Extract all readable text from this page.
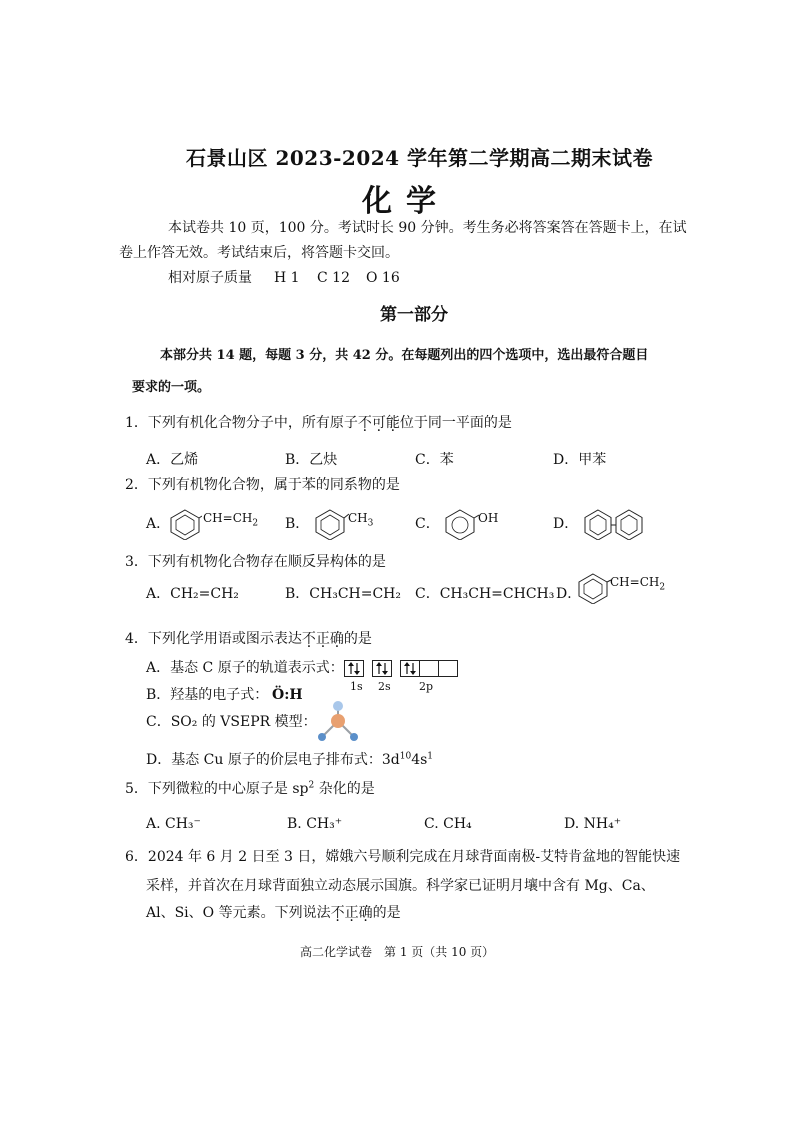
石景山区 2023-2024 学年第二学期高二期末试卷
化学
本试卷共 10 页，100 分。考试时长 90 分钟。考生务必将答案答在答题卡上，在试
卷上作答无效。考试结束后，将答题卡交回。
相对原子质量 H 1 C 12 O 16
第一部分
本部分共 14 题，每题 3 分，共 42 分。在每题列出的四个选项中，选出最符合题目
要求的一项。
1．下列有机化合物分子中，所有原子不可能位于同一平面的是
A．乙烯	B．乙炔	C．苯	D．甲苯
2．下列有机物化合物，属于苯的同系物的是
A．	$CH=CH_2$ B．	$CH_3$	C．	OH	D．
3．下列有机物化合物存在顺反异构体的是
A．CH₂=CH₂	B．CH₃CH=CH₂ C．CH₃CH=CHCH₃ D．
$CH=CH_2$
4．下列化学用语或图示表达不正确的是
A．基态 C 原子的轨道表示式：
1s 2s	2p
B．羟基的电子式： Ö:H
C．SO₂ 的 VSEPR 模型：
D．基态 Cu 原子的价层电子排布式：$3d^{10}4s^1$
5．下列微粒的中心原子是 $sp^2$ 杂化的是
A. CH₃⁻	B. CH₃⁺	C. CH₄	D. NH₄⁺
6．2024 年 6 月 2 日至 3 日，嫦娥六号顺利完成在月球背面南极-艾特肯盆地的智能快速
采样，并首次在月球背面独立动态展示国旗。科学家已证明月壤中含有 Mg、Ca、
Al、Si、O 等元素。下列说法不正确的是
高二化学试卷　第 1 页（共 10 页）
